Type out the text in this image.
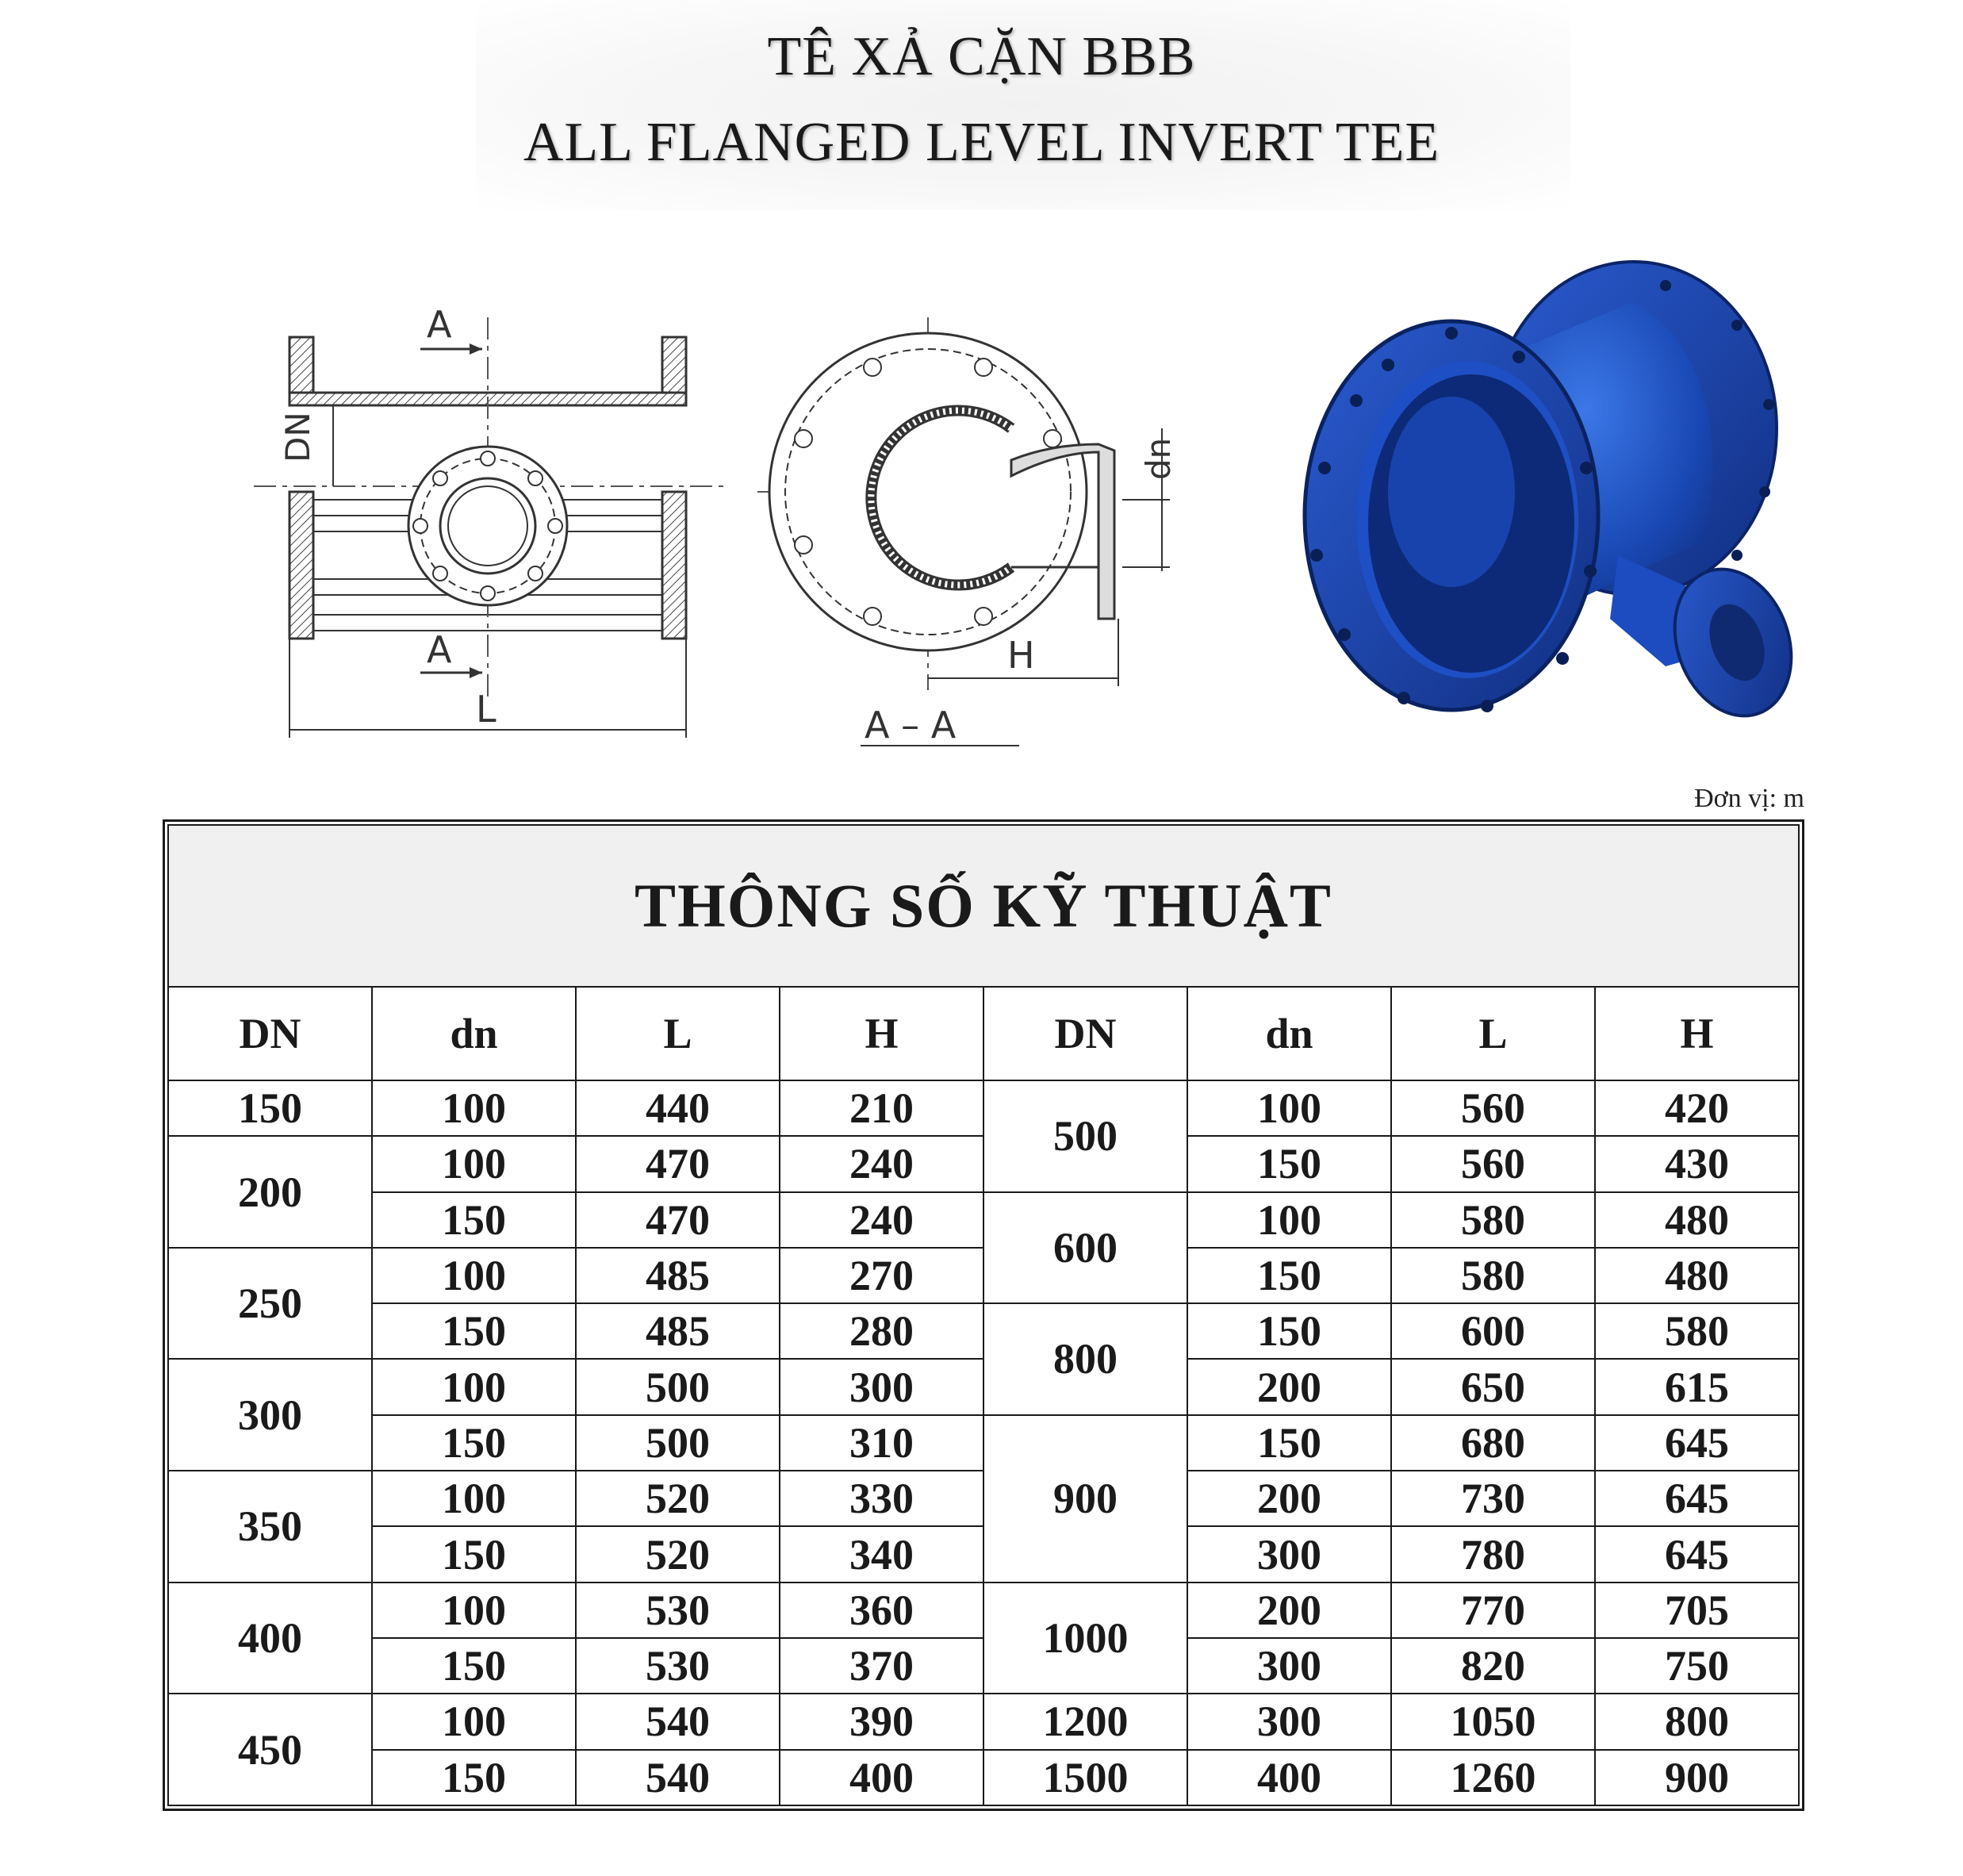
TÊ XẢ CẶN BBB
ALL FLANGED LEVEL INVERT TEE
DN
A
A
L
dn
H
A – A
Đơn vị: m
THÔNG SỐ KỸ THUẬT							
DN	dn	L	H	DN	dn	L	H
150	100	440	210	500	100	560	420
200	100	470	240		150	560	430
	150	470	240	600	100	580	480
250	100	485	270		150	580	480
	150	485	280	800	150	600	580
300	100	500	300		200	650	615
	150	500	310	900	150	680	645
350	100	520	330		200	730	645
	150	520	340		300	780	645
400	100	530	360	1000	200	770	705
	150	530	370		300	820	750
450	100	540	390	1200	300	1050	800
	150	540	400	1500	400	1260	900
